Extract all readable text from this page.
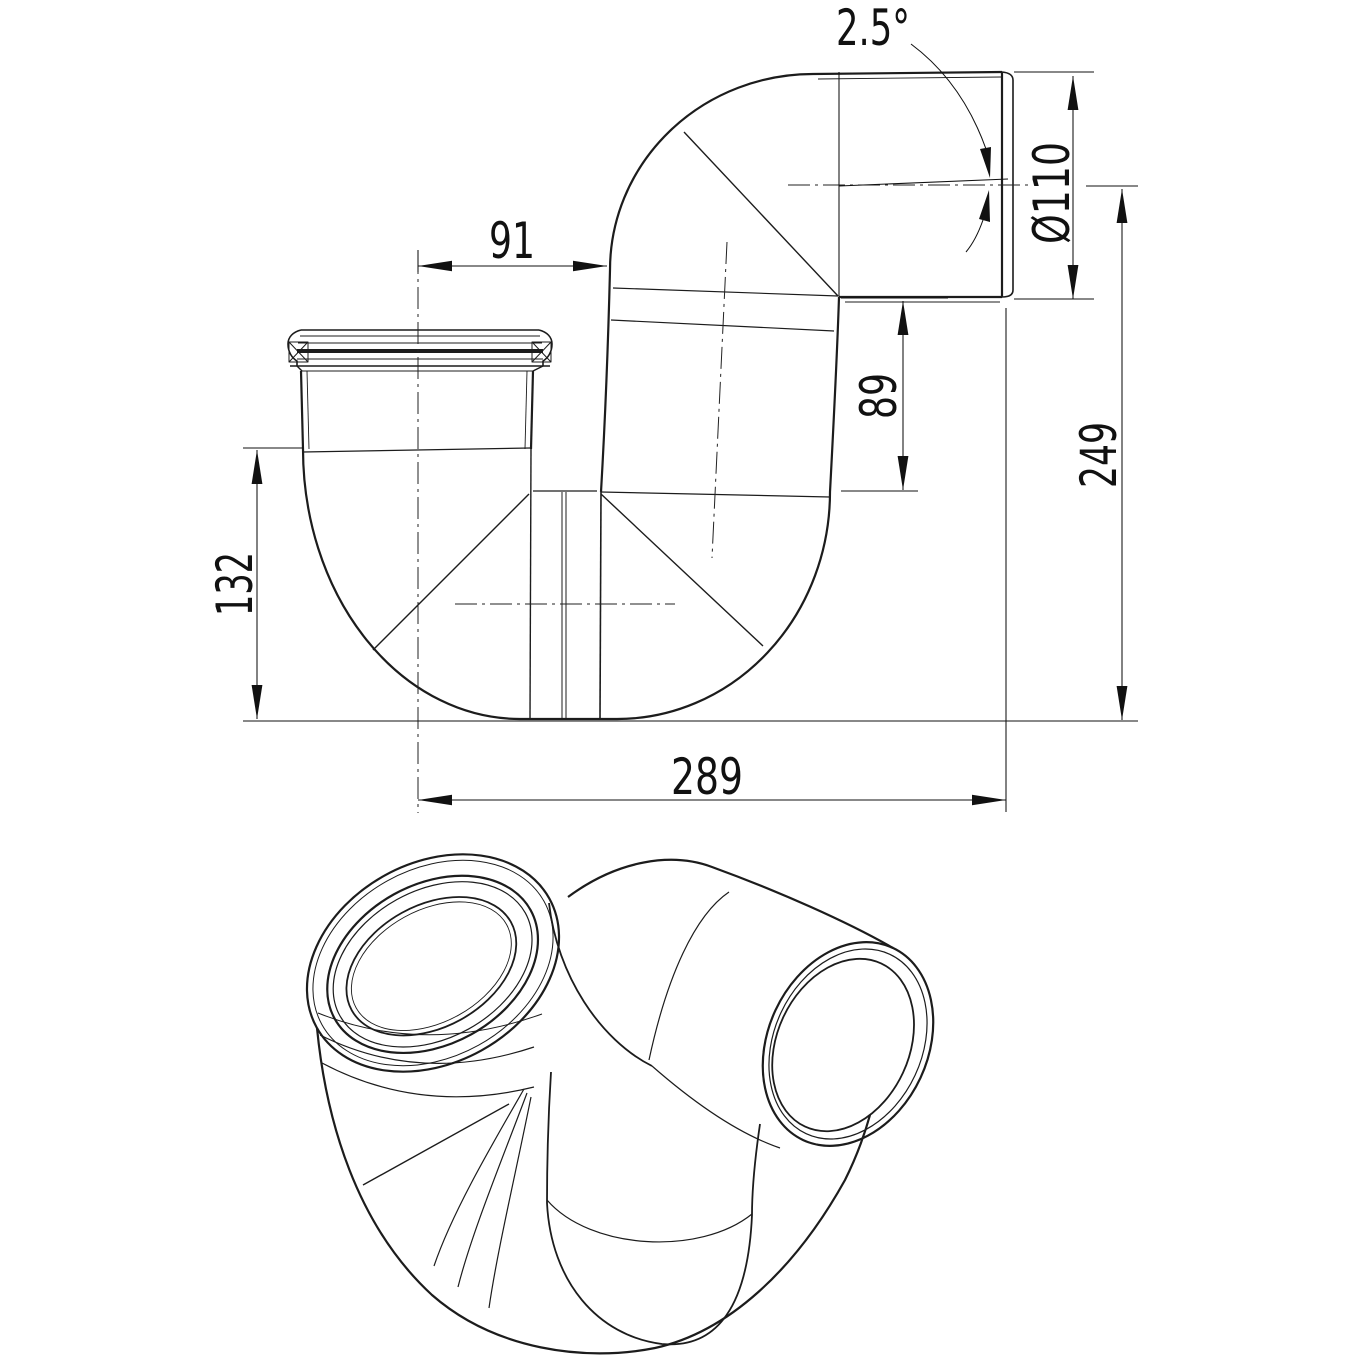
91
2.5°
Ø110
89
132
249
289
